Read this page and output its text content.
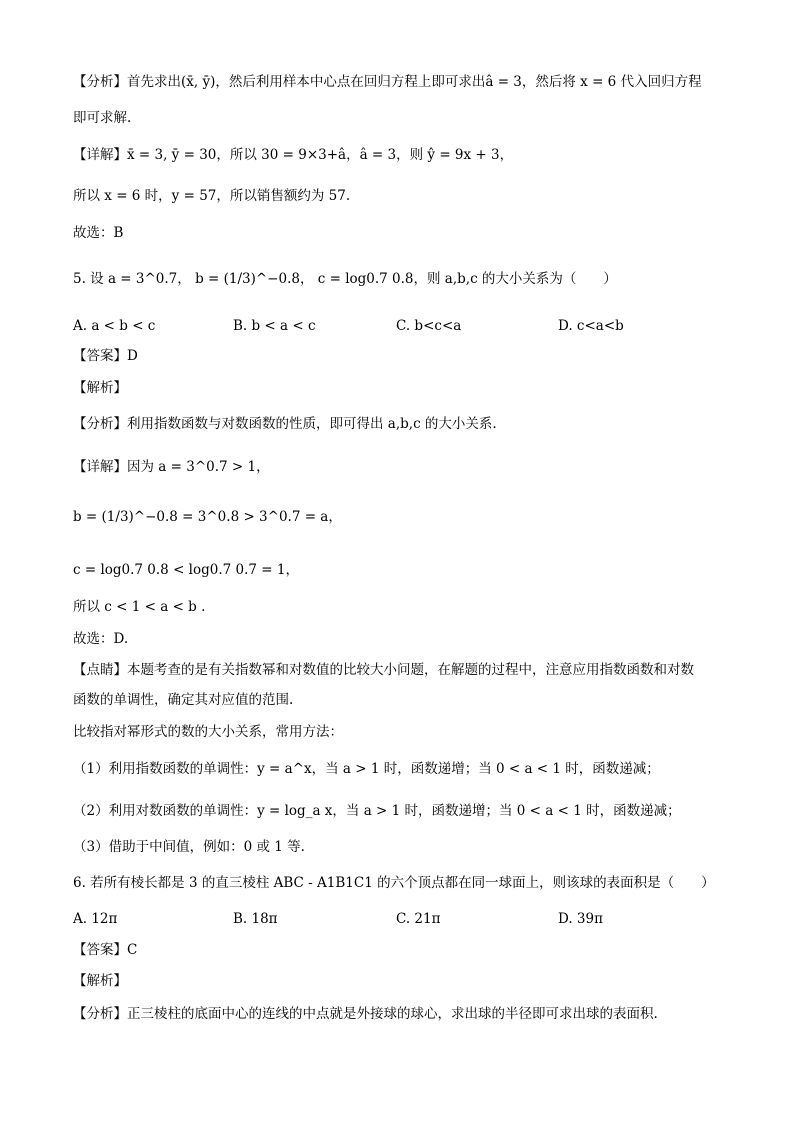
【分析】首先求出(x̄, ȳ)，然后利用样本中心点在回归方程上即可求出â = 3，然后将 x = 6 代入回归方程
即可求解.
【详解】x̄ = 3, ȳ = 30，所以 30 = 9×3+â，â = 3，则 ŷ = 9x + 3，
所以 x = 6 时，y = 57，所以销售额约为 57.
故选：B
5. 设 a = 3^0.7， b = (1/3)^−0.8， c = log0.7 0.8，则 a,b,c 的大小关系为（　　）
A. a < b < c	B. b < a < c	C. b<c<a	D. c<a<b
【答案】D
【解析】
【分析】利用指数函数与对数函数的性质，即可得出 a,b,c 的大小关系.
【详解】因为 a = 3^0.7 > 1，
b = (1/3)^−0.8 = 3^0.8 > 3^0.7 = a，
c = log0.7 0.8 < log0.7 0.7 = 1，
所以 c < 1 < a < b .
故选：D.
【点睛】本题考查的是有关指数幂和对数值的比较大小问题，在解题的过程中，注意应用指数函数和对数
函数的单调性，确定其对应值的范围.
比较指对幂形式的数的大小关系，常用方法：
（1）利用指数函数的单调性：y = a^x，当 a > 1 时，函数递增；当 0 < a < 1 时，函数递减；
（2）利用对数函数的单调性：y = log_a x，当 a > 1 时，函数递增；当 0 < a < 1 时，函数递减；
（3）借助于中间值，例如：0 或 1 等.
6. 若所有棱长都是 3 的直三棱柱 ABC - A1B1C1 的六个顶点都在同一球面上，则该球的表面积是（　　）
A. 12π	B. 18π	C. 21π	D. 39π
【答案】C
【解析】
【分析】正三棱柱的底面中心的连线的中点就是外接球的球心，求出球的半径即可求出球的表面积.
